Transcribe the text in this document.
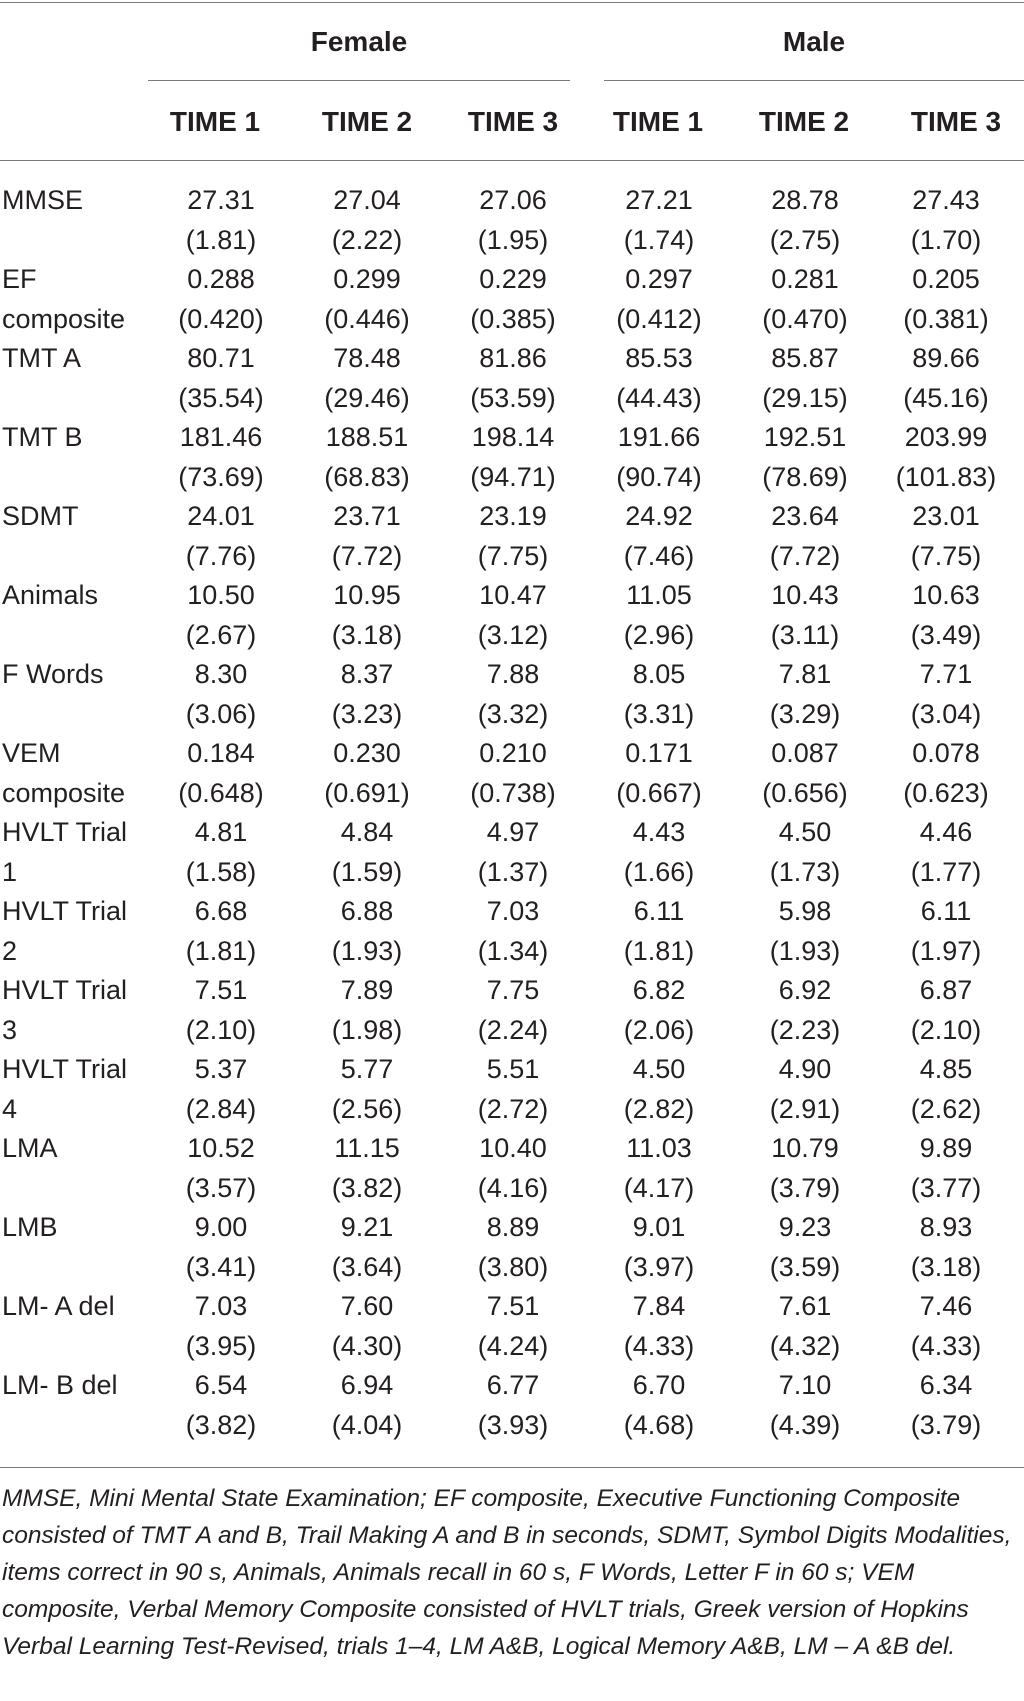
Female	Male
TIME 1	TIME 2	TIME 3	TIME 1	TIME 2	TIME 3
MMSE	27.31	27.04	27.06	27.21	28.78	27.43
	(1.81)	(2.22)	(1.95)	(1.74)	(2.75)	(1.70)
EF	0.288	0.299	0.229	0.297	0.281	0.205
composite	(0.420)	(0.446)	(0.385)	(0.412)	(0.470)	(0.381)
TMT A	80.71	78.48	81.86	85.53	85.87	89.66
	(35.54)	(29.46)	(53.59)	(44.43)	(29.15)	(45.16)
TMT B	181.46	188.51	198.14	191.66	192.51	203.99
	(73.69)	(68.83)	(94.71)	(90.74)	(78.69)	(101.83)
SDMT	24.01	23.71	23.19	24.92	23.64	23.01
	(7.76)	(7.72)	(7.75)	(7.46)	(7.72)	(7.75)
Animals	10.50	10.95	10.47	11.05	10.43	10.63
	(2.67)	(3.18)	(3.12)	(2.96)	(3.11)	(3.49)
F Words	8.30	8.37	7.88	8.05	7.81	7.71
	(3.06)	(3.23)	(3.32)	(3.31)	(3.29)	(3.04)
VEM	0.184	0.230	0.210	0.171	0.087	0.078
composite	(0.648)	(0.691)	(0.738)	(0.667)	(0.656)	(0.623)
HVLT Trial	4.81	4.84	4.97	4.43	4.50	4.46
1	(1.58)	(1.59)	(1.37)	(1.66)	(1.73)	(1.77)
HVLT Trial	6.68	6.88	7.03	6.11	5.98	6.11
2	(1.81)	(1.93)	(1.34)	(1.81)	(1.93)	(1.97)
HVLT Trial	7.51	7.89	7.75	6.82	6.92	6.87
3	(2.10)	(1.98)	(2.24)	(2.06)	(2.23)	(2.10)
HVLT Trial	5.37	5.77	5.51	4.50	4.90	4.85
4	(2.84)	(2.56)	(2.72)	(2.82)	(2.91)	(2.62)
LMA	10.52	11.15	10.40	11.03	10.79	9.89
	(3.57)	(3.82)	(4.16)	(4.17)	(3.79)	(3.77)
LMB	9.00	9.21	8.89	9.01	9.23	8.93
	(3.41)	(3.64)	(3.80)	(3.97)	(3.59)	(3.18)
LM- A del	7.03	7.60	7.51	7.84	7.61	7.46
	(3.95)	(4.30)	(4.24)	(4.33)	(4.32)	(4.33)
LM- B del	6.54	6.94	6.77	6.70	7.10	6.34
	(3.82)	(4.04)	(3.93)	(4.68)	(4.39)	(3.79)
MMSE, Mini Mental State Examination; EF composite, Executive Functioning Composite consisted of TMT A and B, Trail Making A and B in seconds, SDMT, Symbol Digits Modalities, items correct in 90 s, Animals, Animals recall in 60 s, F Words, Letter F in 60 s; VEM composite, Verbal Memory Composite consisted of HVLT trials, Greek version of Hopkins Verbal Learning Test-Revised, trials 1–4, LM A&B, Logical Memory A&B, LM – A &B del.
